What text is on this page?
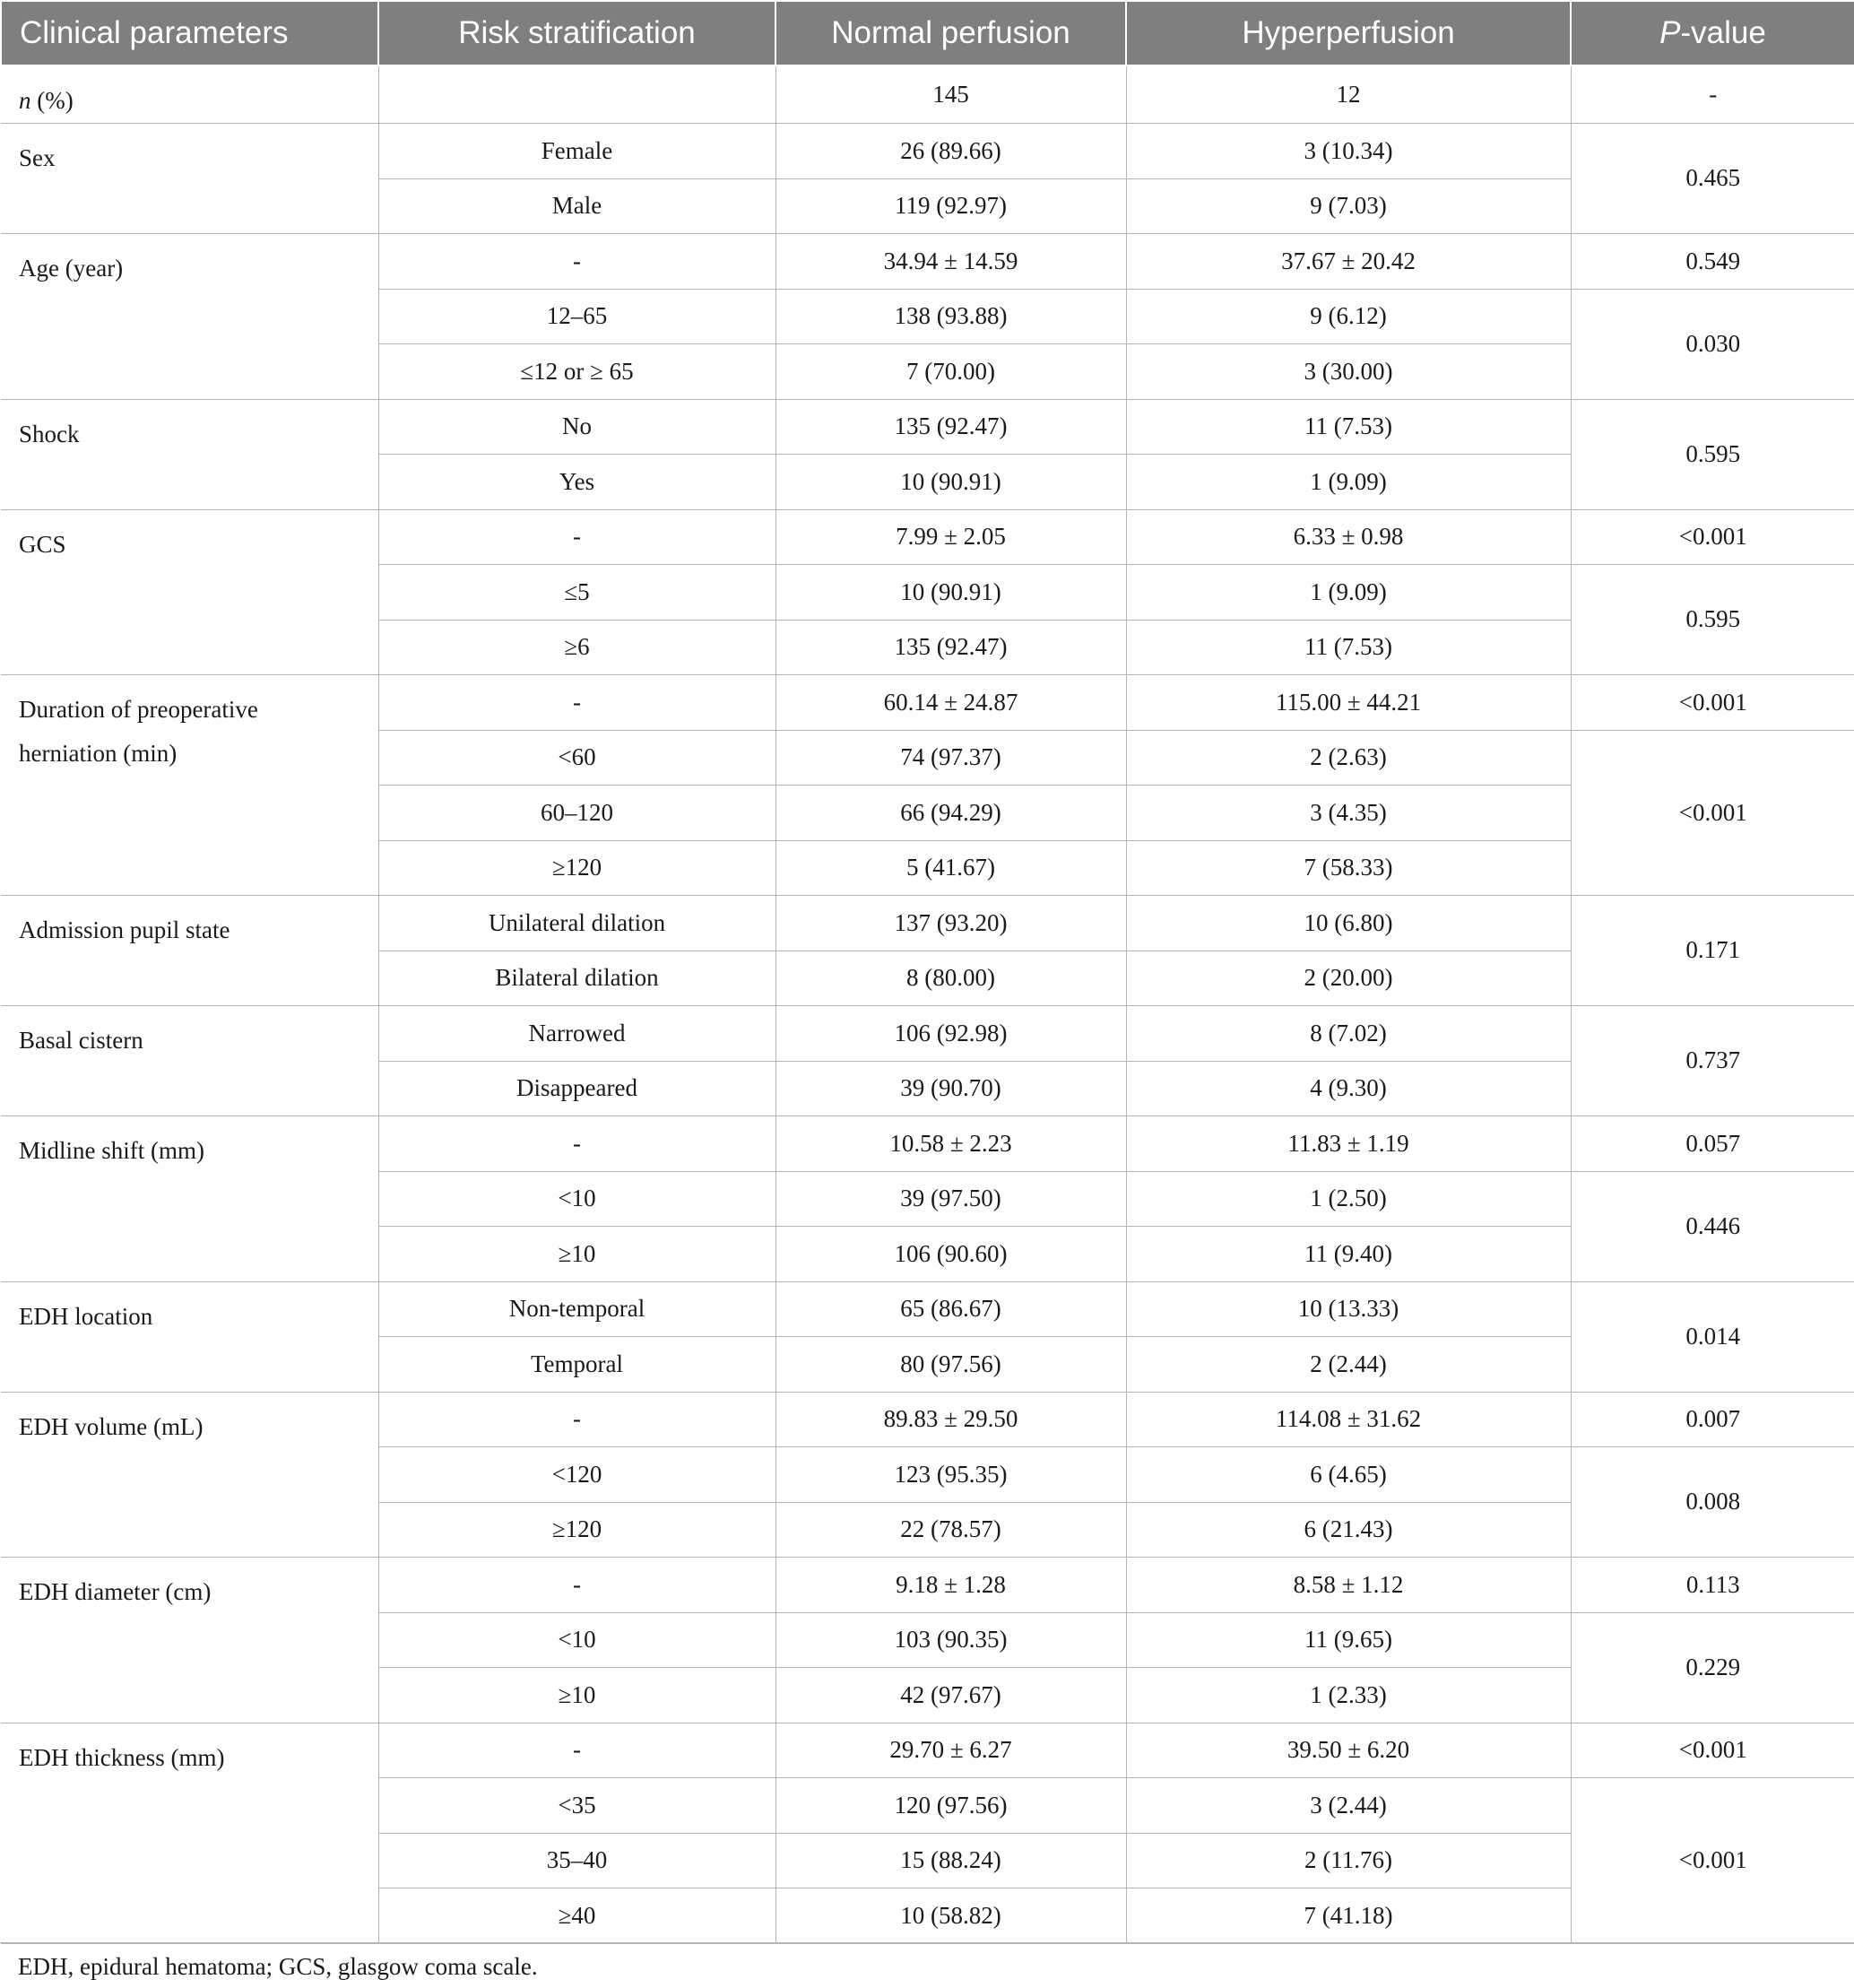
Clinical parameters	Risk stratification	Normal perfusion	Hyperperfusion	P-value
n (%)		145	12	-
Sex	Female	26 (89.66)	3 (10.34)	0.465
	Male	119 (92.97)	9 (7.03)	
Age (year)	-	34.94 ± 14.59	37.67 ± 20.42	0.549
	12–65	138 (93.88)	9 (6.12)	0.030
	≤12 or ≥ 65	7 (70.00)	3 (30.00)	
Shock	No	135 (92.47)	11 (7.53)	0.595
	Yes	10 (90.91)	1 (9.09)	
GCS	-	7.99 ± 2.05	6.33 ± 0.98	<0.001
	≤5	10 (90.91)	1 (9.09)	0.595
	≥6	135 (92.47)	11 (7.53)	
Duration of preoperative
herniation (min)	-	60.14 ± 24.87	115.00 ± 44.21	<0.001
	<60	74 (97.37)	2 (2.63)	<0.001
	60–120	66 (94.29)	3 (4.35)	
	≥120	5 (41.67)	7 (58.33)	
Admission pupil state	Unilateral dilation	137 (93.20)	10 (6.80)	0.171
	Bilateral dilation	8 (80.00)	2 (20.00)	
Basal cistern	Narrowed	106 (92.98)	8 (7.02)	0.737
	Disappeared	39 (90.70)	4 (9.30)	
Midline shift (mm)	-	10.58 ± 2.23	11.83 ± 1.19	0.057
	<10	39 (97.50)	1 (2.50)	0.446
	≥10	106 (90.60)	11 (9.40)	
EDH location	Non-temporal	65 (86.67)	10 (13.33)	0.014
	Temporal	80 (97.56)	2 (2.44)	
EDH volume (mL)	-	89.83 ± 29.50	114.08 ± 31.62	0.007
	<120	123 (95.35)	6 (4.65)	0.008
	≥120	22 (78.57)	6 (21.43)	
EDH diameter (cm)	-	9.18 ± 1.28	8.58 ± 1.12	0.113
	<10	103 (90.35)	11 (9.65)	0.229
	≥10	42 (97.67)	1 (2.33)	
EDH thickness (mm)	-	29.70 ± 6.27	39.50 ± 6.20	<0.001
	<35	120 (97.56)	3 (2.44)	<0.001
	35–40	15 (88.24)	2 (11.76)	
	≥40	10 (58.82)	7 (41.18)	
EDH, epidural hematoma; GCS, glasgow coma scale.
